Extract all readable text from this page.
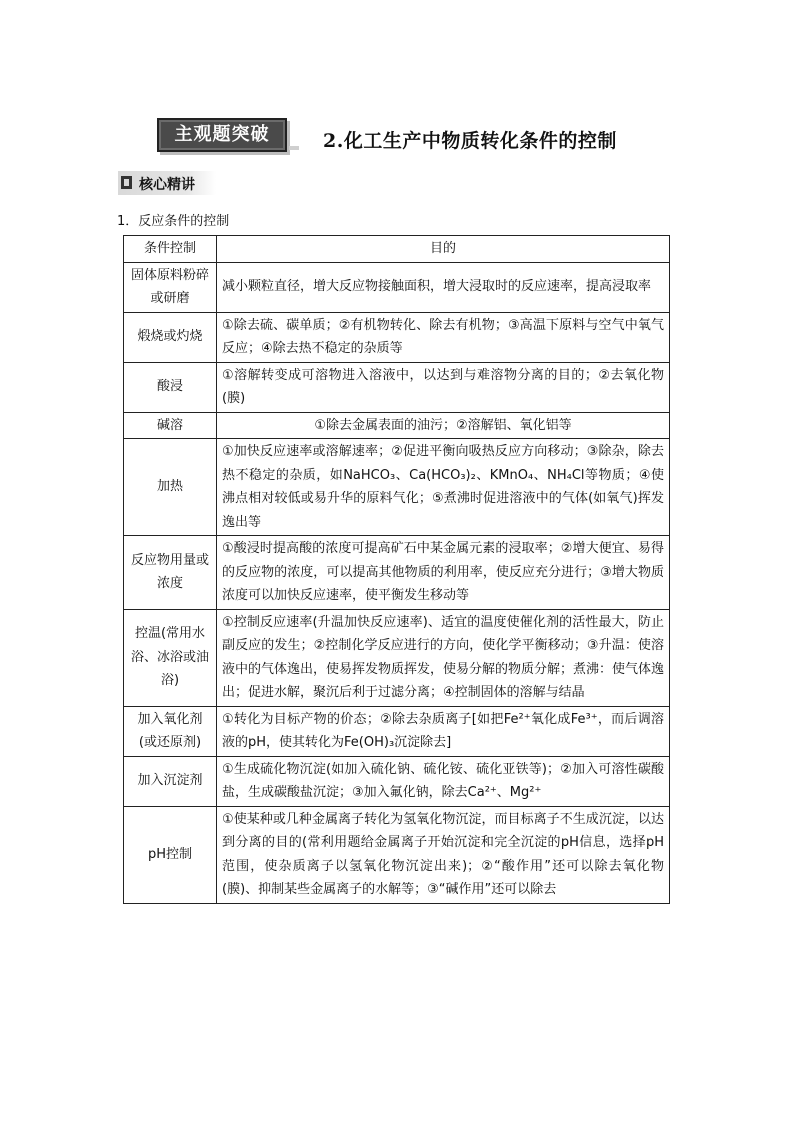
主观题突破	2.化工生产中物质转化条件的控制
核心精讲
1．反应条件的控制
条件控制	目的
固体原料粉碎或研磨	减小颗粒直径，增大反应物接触面积，增大浸取时的反应速率，提高浸取率
煅烧或灼烧	①除去硫、碳单质；②有机物转化、除去有机物；③高温下原料与空气中氧气反应；④除去热不稳定的杂质等
酸浸	①溶解转变成可溶物进入溶液中，以达到与难溶物分离的目的；②去氧化物(膜)
碱溶	①除去金属表面的油污；②溶解铝、氧化铝等
加热	①加快反应速率或溶解速率；②促进平衡向吸热反应方向移动；③除杂，除去热不稳定的杂质，如NaHCO₃、Ca(HCO₃)₂、KMnO₄、NH₄Cl等物质；④使沸点相对较低或易升华的原料气化；⑤煮沸时促进溶液中的气体(如氧气)挥发逸出等
反应物用量或浓度	①酸浸时提高酸的浓度可提高矿石中某金属元素的浸取率；②增大便宜、易得的反应物的浓度，可以提高其他物质的利用率，使反应充分进行；③增大物质浓度可以加快反应速率，使平衡发生移动等
控温(常用水浴、冰浴或油浴)	①控制反应速率(升温加快反应速率)、适宜的温度使催化剂的活性最大，防止副反应的发生；②控制化学反应进行的方向，使化学平衡移动；③升温：使溶液中的气体逸出，使易挥发物质挥发，使易分解的物质分解；煮沸：使气体逸出；促进水解，聚沉后利于过滤分离；④控制固体的溶解与结晶
加入氧化剂(或还原剂)	①转化为目标产物的价态；②除去杂质离子[如把Fe²⁺氧化成Fe³⁺，而后调溶液的pH，使其转化为Fe(OH)₃沉淀除去]
加入沉淀剂	①生成硫化物沉淀(如加入硫化钠、硫化铵、硫化亚铁等)；②加入可溶性碳酸盐，生成碳酸盐沉淀；③加入氟化钠，除去Ca²⁺、Mg²⁺
pH控制	①使某种或几种金属离子转化为氢氧化物沉淀，而目标离子不生成沉淀，以达到分离的目的(常利用题给金属离子开始沉淀和完全沉淀的pH信息，选择pH范围，使杂质离子以氢氧化物沉淀出来)；②“酸作用”还可以除去氧化物(膜)、抑制某些金属离子的水解等；③“碱作用”还可以除去
